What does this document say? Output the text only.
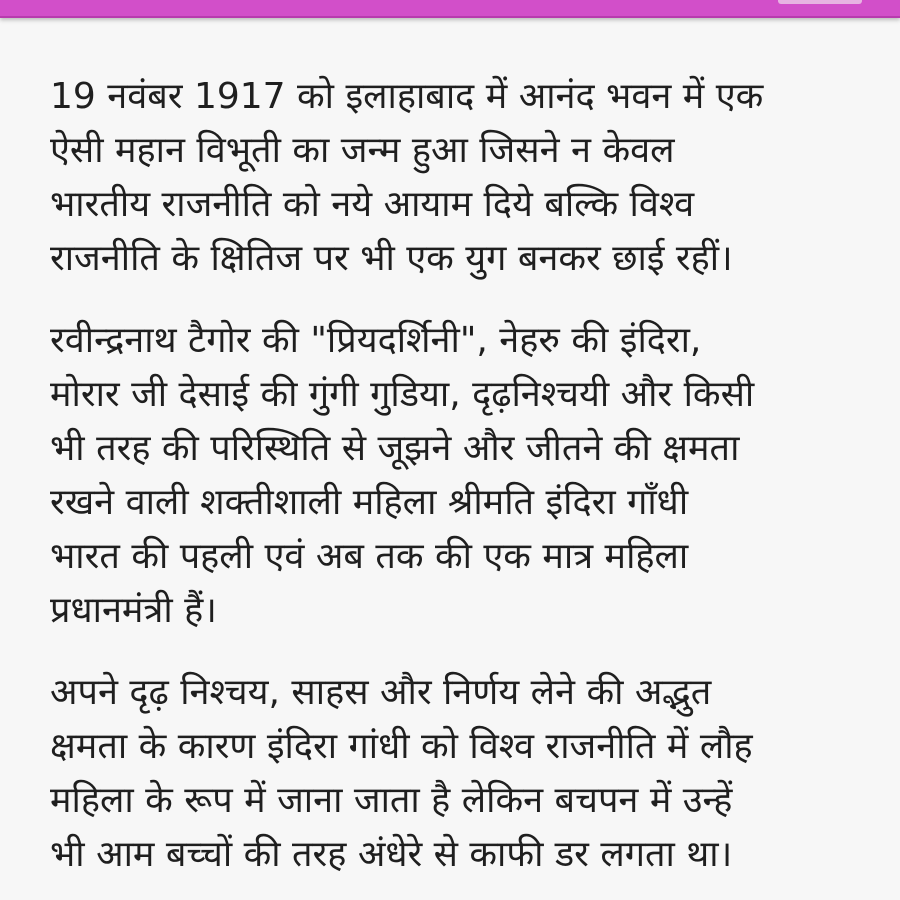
19 नवंबर 1917 को इलाहाबाद में आनंद भवन में एक
ऐसी महान विभूती का जन्म हुआ जिसने न केवल
भारतीय राजनीति को नये आयाम दिये बल्कि विश्व
राजनीति के क्षितिज पर भी एक युग बनकर छाई रहीं।
रवीन्द्रनाथ टैगोर की "प्रियदर्शिनी", नेहरु की इंदिरा,
मोरार जी देसाई की गुंगी गुडिया, दृढ़निश्चयी और किसी
भी तरह की परिस्थिति से जूझने और जीतने की क्षमता
रखने वाली शक्तीशाली महिला श्रीमति इंदिरा गाँधी
भारत की पहली एवं अब तक की एक मात्र महिला
प्रधानमंत्री हैं।
अपने दृढ़ निश्चय, साहस और निर्णय लेने की अद्भुत
क्षमता के कारण इंदिरा गांधी को विश्व राजनीति में लौह
महिला के रूप में जाना जाता है लेकिन बचपन में उन्हें
भी आम बच्चों की तरह अंधेरे से काफी डर लगता था।
